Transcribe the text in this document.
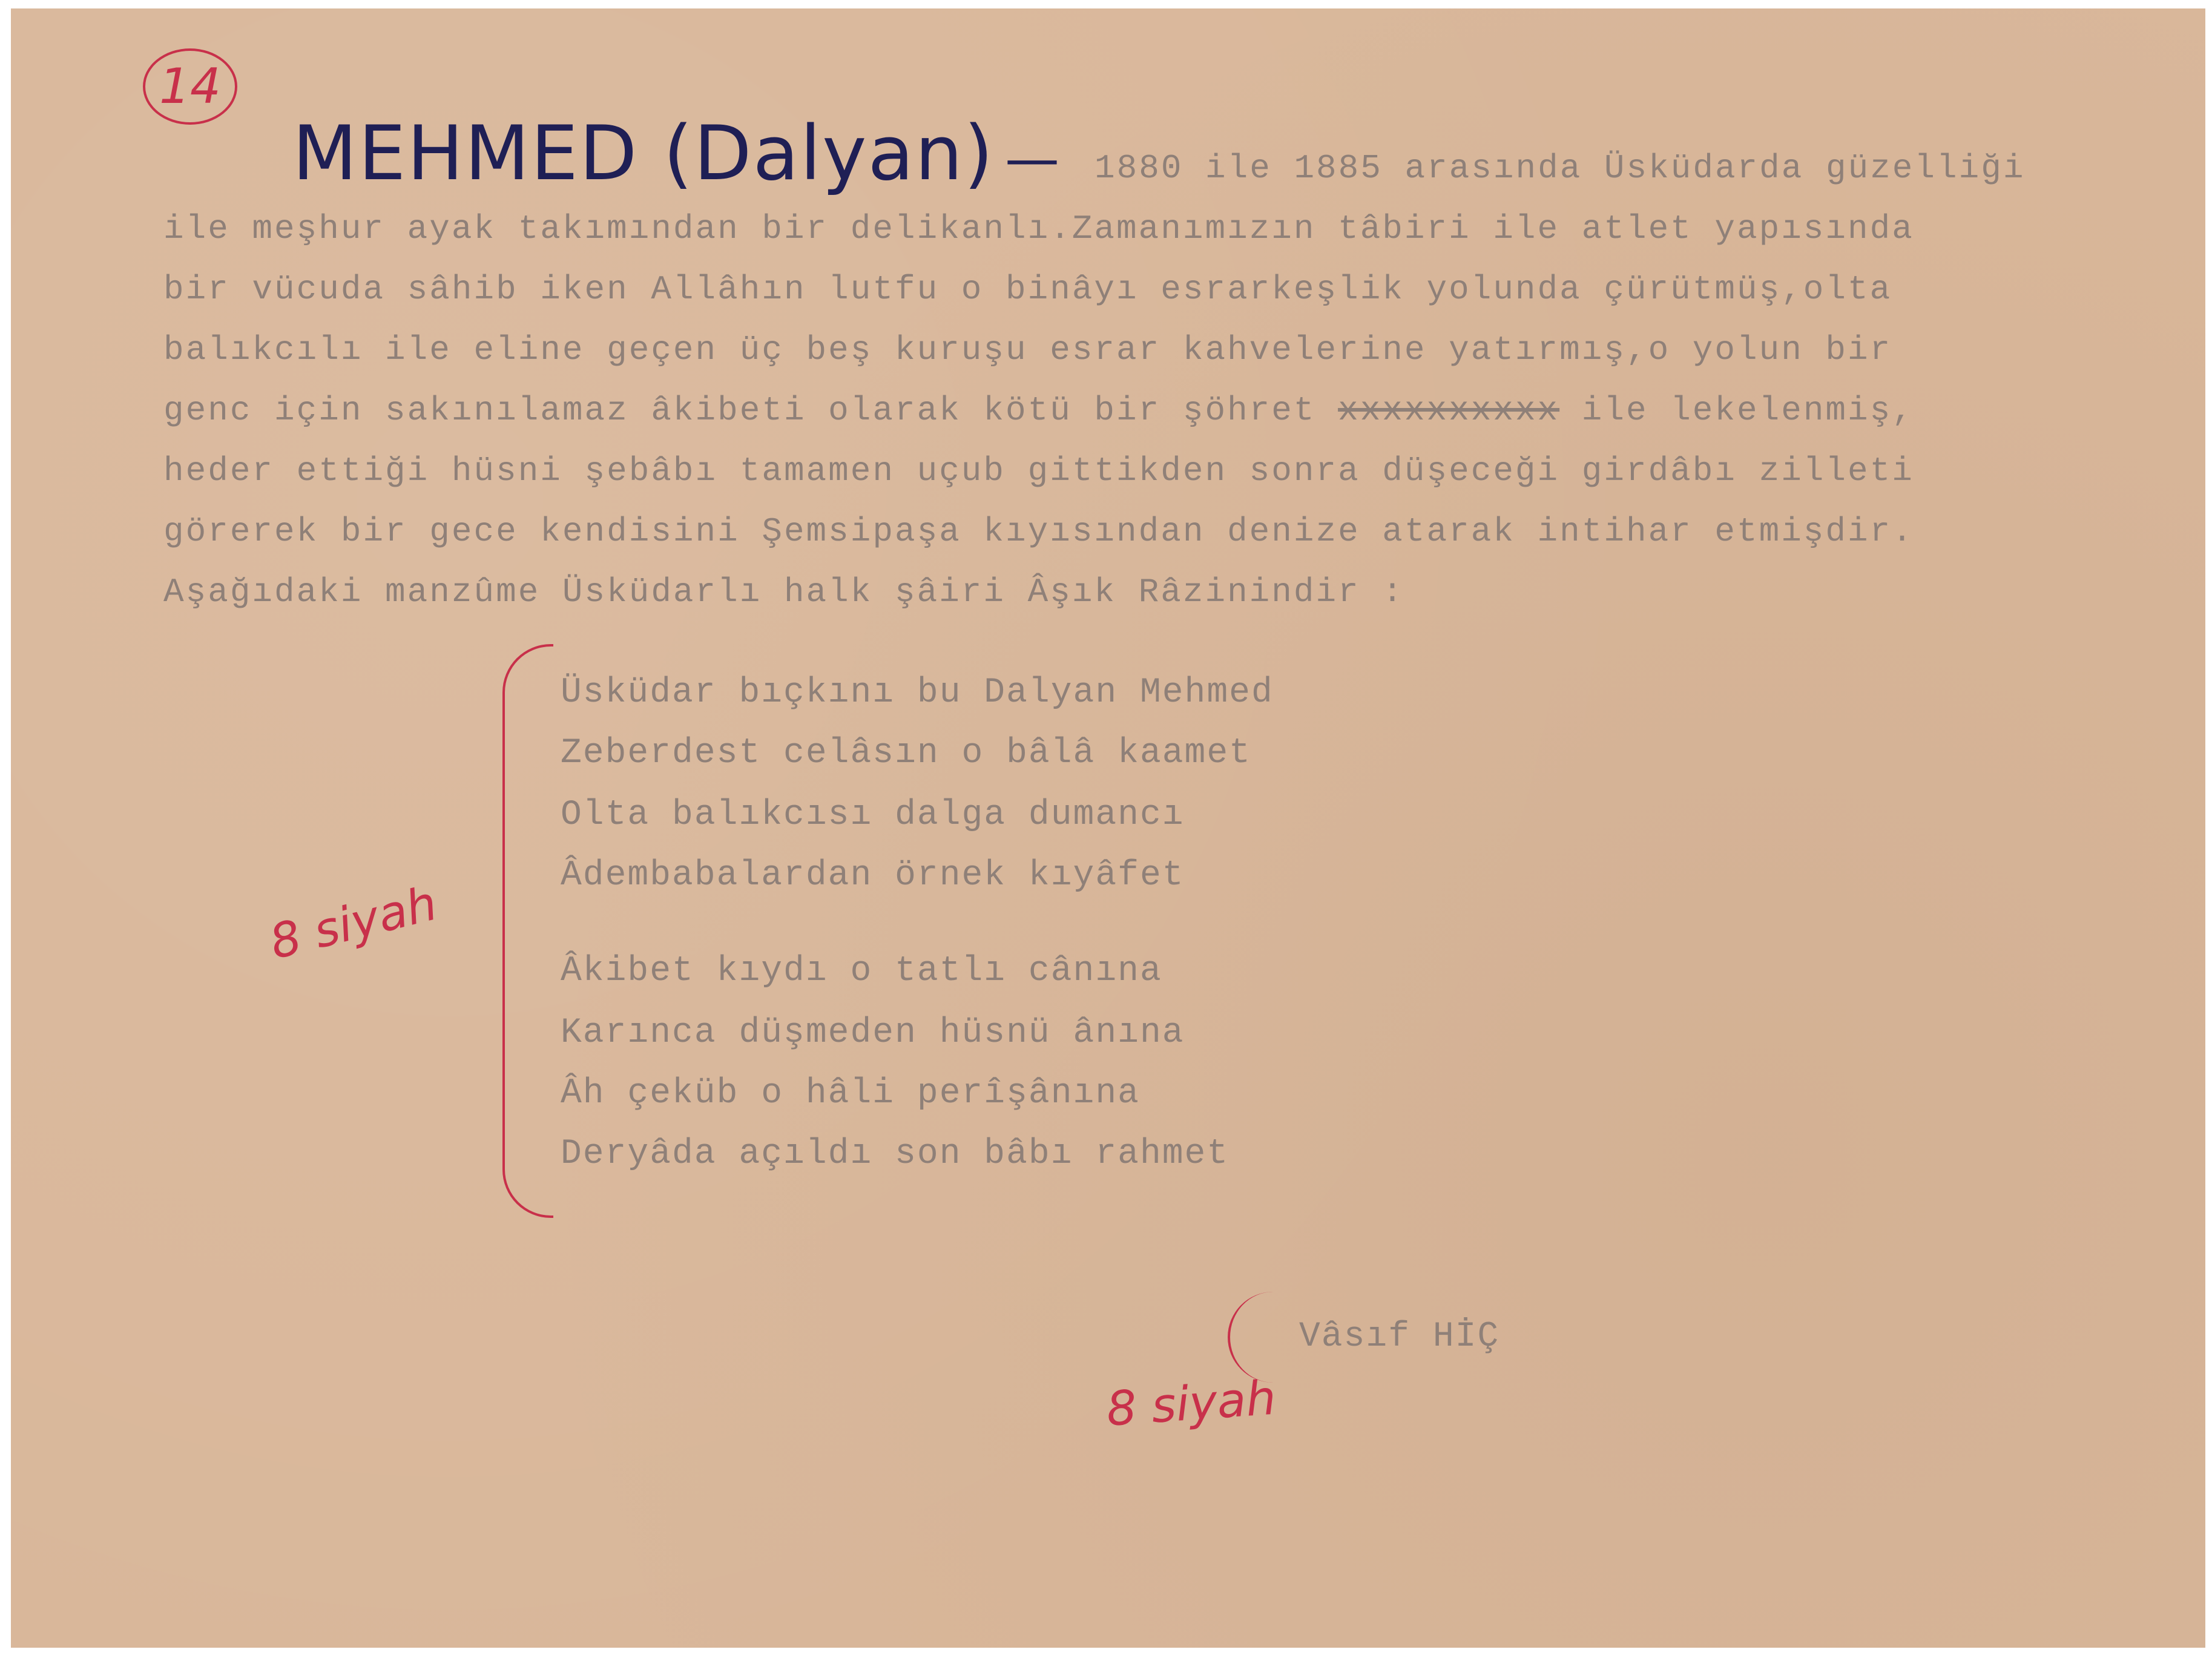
14
MEHMED (Dalyan) — 1880 ile 1885 arasında Üsküdarda güzelliği
ile meşhur ayak takımından bir delikanlı.Zamanımızın tâbiri ile atlet yapısında
bir vücuda sâhib iken Allâhın lutfu o binâyı esrarkeşlik yolunda çürütmüş,olta
balıkcılı ile eline geçen üç beş kuruşu esrar kahvelerine yatırmış,o yolun bir
genc için sakınılamaz âkibeti olarak kötü bir şöhret xxxxxxxxxx ile lekelenmiş,
heder ettiği hüsni şebâbı tamamen uçub gittikden sonra düşeceği girdâbı zilleti
görerek bir gece kendisini Şemsipaşa kıyısından denize atarak intihar etmişdir.
Aşağıdaki manzûme Üsküdarlı halk şâiri Âşık Râzinindir :
Üsküdar bıçkını bu Dalyan Mehmed
Zeberdest celâsın o bâlâ kaamet
Olta balıkcısı dalga dumancı
Âdembabalardan örnek kıyâfet
Âkibet kıydı o tatlı cânına
Karınca düşmeden hüsnü ânına
Âh çeküb o hâli perîşânına
Deryâda açıldı son bâbı rahmet
8 siyah
Vâsıf HİÇ
8 siyah
